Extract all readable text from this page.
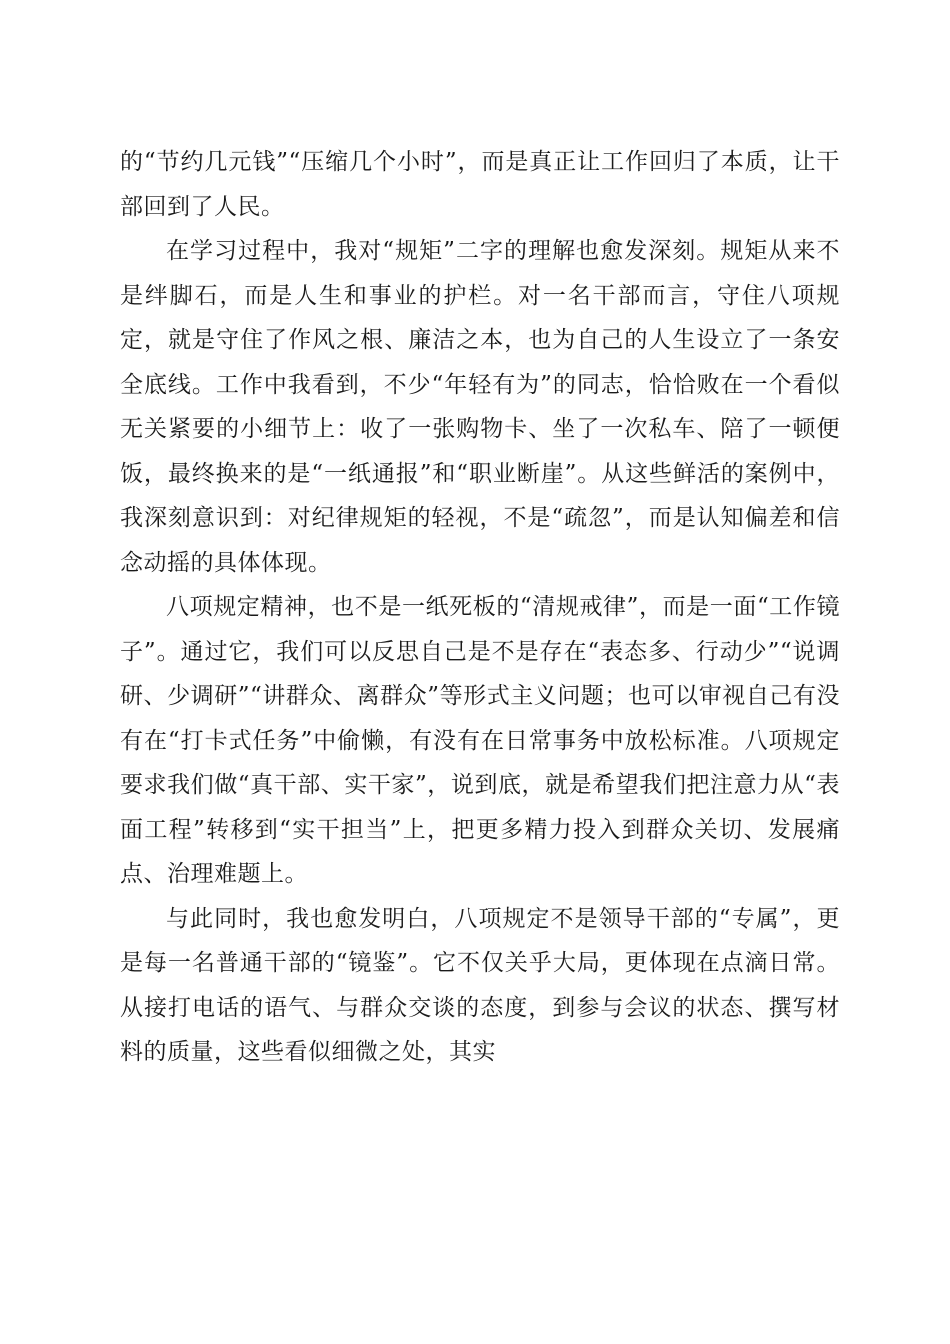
的“节约几元钱”“压缩几个小时”，而是真正让工作回归了本质，让干部回到了人民。

在学习过程中，我对“规矩”二字的理解也愈发深刻。规矩从来不是绊脚石，而是人生和事业的护栏。对一名干部而言，守住八项规定，就是守住了作风之根、廉洁之本，也为自己的人生设立了一条安全底线。工作中我看到，不少“年轻有为”的同志，恰恰败在一个看似无关紧要的小细节上：收了一张购物卡、坐了一次私车、陪了一顿便饭，最终换来的是“一纸通报”和“职业断崖”。从这些鲜活的案例中，我深刻意识到：对纪律规矩的轻视，不是“疏忽”，而是认知偏差和信念动摇的具体体现。

八项规定精神，也不是一纸死板的“清规戒律”，而是一面“工作镜子”。通过它，我们可以反思自己是不是存在“表态多、行动少”“说调研、少调研”“讲群众、离群众”等形式主义问题；也可以审视自己有没有在“打卡式任务”中偷懒，有没有在日常事务中放松标准。八项规定要求我们做“真干部、实干家”，说到底，就是希望我们把注意力从“表面工程”转移到“实干担当”上，把更多精力投入到群众关切、发展痛点、治理难题上。

与此同时，我也愈发明白，八项规定不是领导干部的“专属”，更是每一名普通干部的“镜鉴”。它不仅关乎大局，更体现在点滴日常。从接打电话的语气、与群众交谈的态度，到参与会议的状态、撰写材料的质量，这些看似细微之处，其实
